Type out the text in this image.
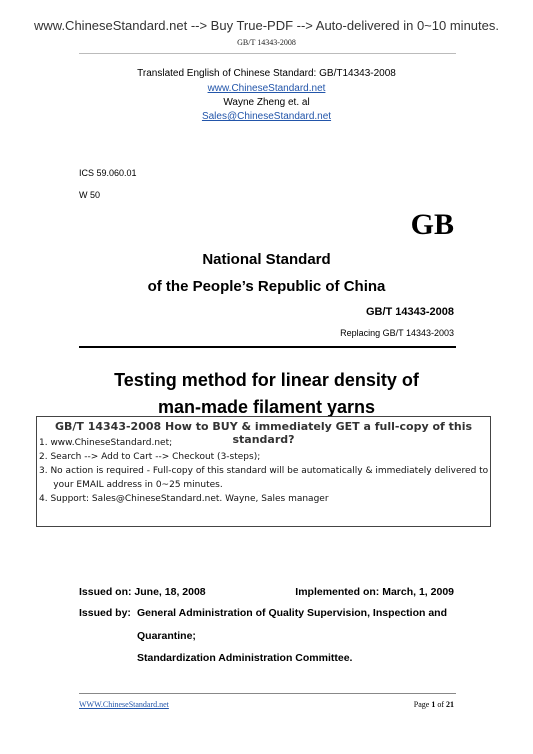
www.ChineseStandard.net --> Buy True-PDF --> Auto-delivered in 0~10 minutes.
GB/T 14343-2008
Translated English of Chinese Standard: GB/T14343-2008
www.ChineseStandard.net
Wayne Zheng et. al
Sales@ChineseStandard.net
ICS 59.060.01
W 50
GB
National Standard
of the People’s Republic of China
GB/T 14343-2008
Replacing GB/T 14343-2003
Testing method for linear density of
man-made filament yarns
GB/T 14343-2008 How to BUY & immediately GET a full-copy of this standard?
1. www.ChineseStandard.net;
2. Search --> Add to Cart --> Checkout (3-steps);
3. No action is required - Full-copy of this standard will be automatically & immediately delivered to
your EMAIL address in 0~25 minutes.
4. Support: Sales@ChineseStandard.net. Wayne, Sales manager
Issued on: June, 18, 2008	Implemented on: March, 1, 2009
Issued by: General Administration of Quality Supervision, Inspection and
Quarantine;
Standardization Administration Committee.
WWW.ChineseStandard.net	Page 1 of 21
